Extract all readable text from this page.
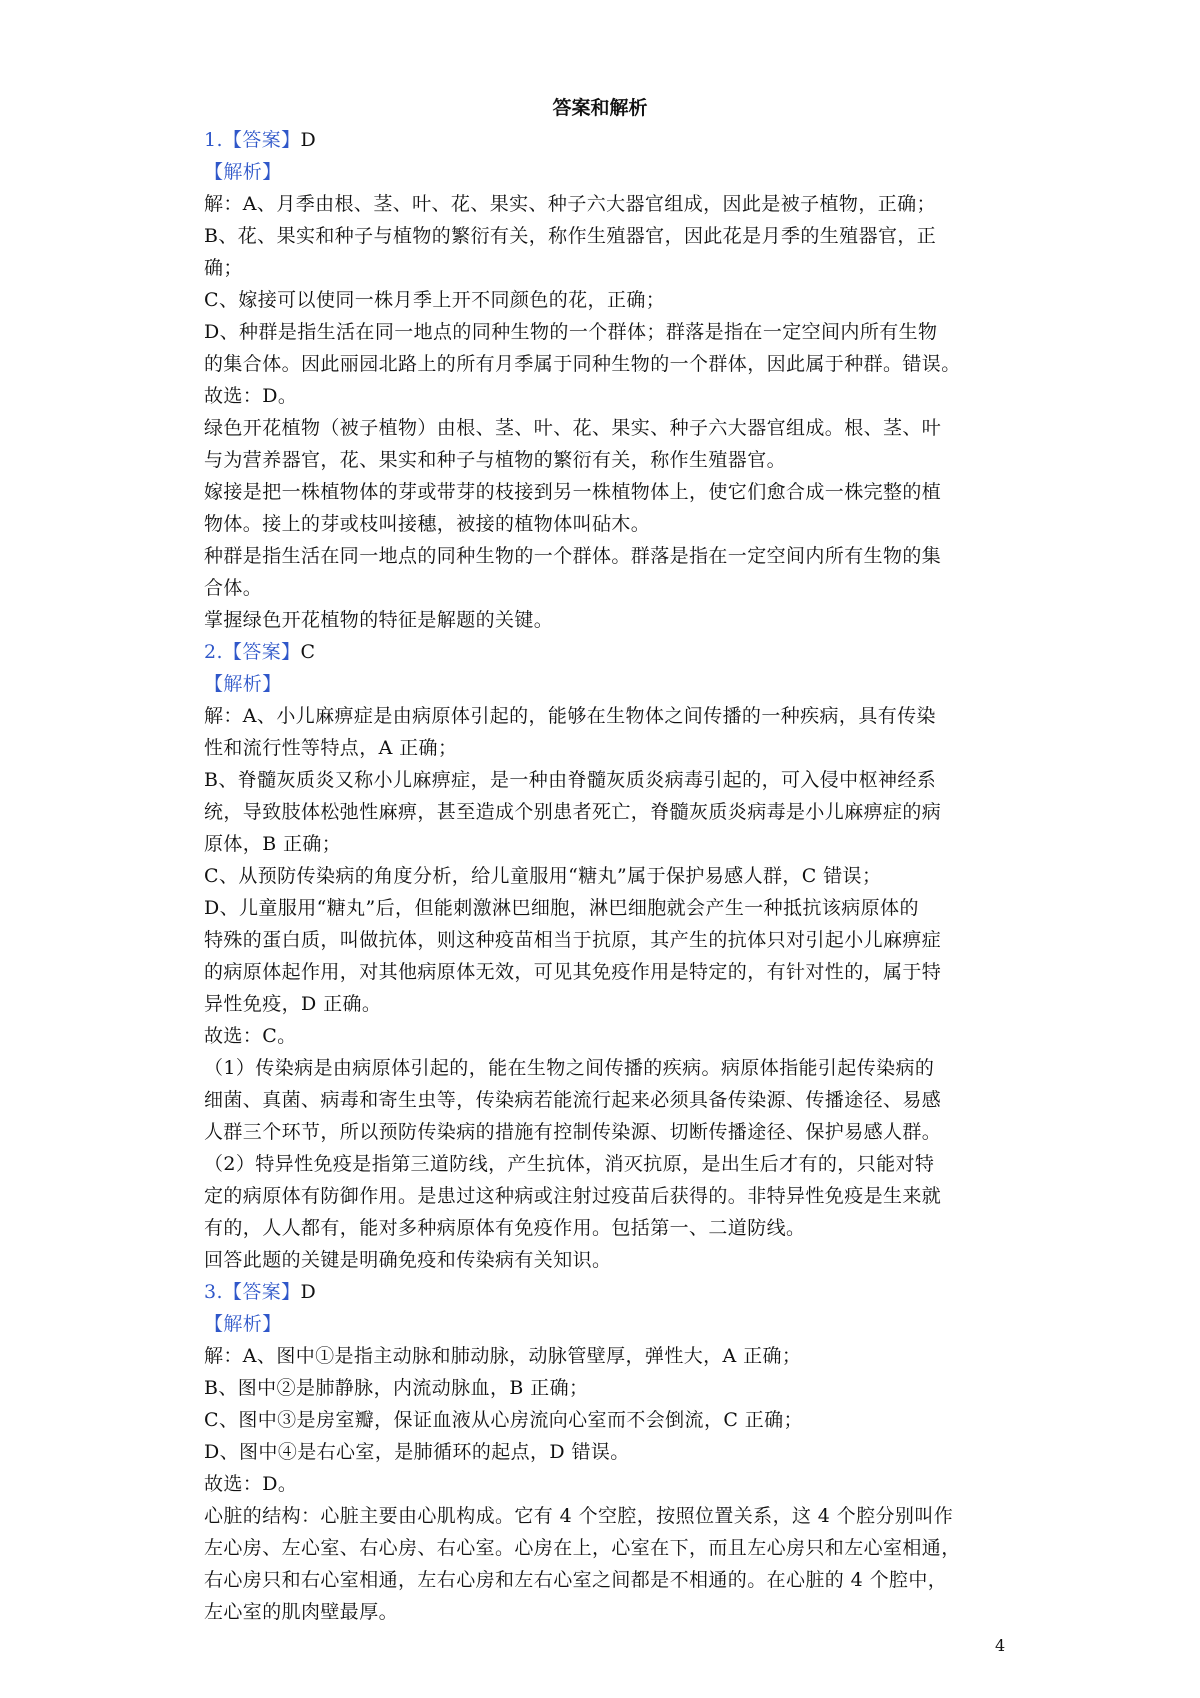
答案和解析
1.【答案】D
【解析】
解：A、月季由根、茎、叶、花、果实、种子六大器官组成，因此是被子植物，正确；
B、花、果实和种子与植物的繁衍有关，称作生殖器官，因此花是月季的生殖器官，正
确；
C、嫁接可以使同一株月季上开不同颜色的花，正确；
D、种群是指生活在同一地点的同种生物的一个群体；群落是指在一定空间内所有生物
的集合体。因此丽园北路上的所有月季属于同种生物的一个群体，因此属于种群。错误。
故选：D。
绿色开花植物（被子植物）由根、茎、叶、花、果实、种子六大器官组成。根、茎、叶
与为营养器官，花、果实和种子与植物的繁衍有关，称作生殖器官。
嫁接是把一株植物体的芽或带芽的枝接到另一株植物体上，使它们愈合成一株完整的植
物体。接上的芽或枝叫接穗，被接的植物体叫砧木。
种群是指生活在同一地点的同种生物的一个群体。群落是指在一定空间内所有生物的集
合体。
掌握绿色开花植物的特征是解题的关键。
2.【答案】C
【解析】
解：A、小儿麻痹症是由病原体引起的，能够在生物体之间传播的一种疾病，具有传染
性和流行性等特点，A 正确；
B、脊髓灰质炎又称小儿麻痹症，是一种由脊髓灰质炎病毒引起的，可入侵中枢神经系
统，导致肢体松弛性麻痹，甚至造成个别患者死亡，脊髓灰质炎病毒是小儿麻痹症的病
原体，B 正确；
C、从预防传染病的角度分析，给儿童服用“糖丸”属于保护易感人群，C 错误；
D、儿童服用“糖丸”后，但能刺激淋巴细胞，淋巴细胞就会产生一种抵抗该病原体的
特殊的蛋白质，叫做抗体，则这种疫苗相当于抗原，其产生的抗体只对引起小儿麻痹症
的病原体起作用，对其他病原体无效，可见其免疫作用是特定的，有针对性的，属于特
异性免疫，D 正确。
故选：C。
（1）传染病是由病原体引起的，能在生物之间传播的疾病。病原体指能引起传染病的
细菌、真菌、病毒和寄生虫等，传染病若能流行起来必须具备传染源、传播途径、易感
人群三个环节，所以预防传染病的措施有控制传染源、切断传播途径、保护易感人群。
（2）特异性免疫是指第三道防线，产生抗体，消灭抗原，是出生后才有的，只能对特
定的病原体有防御作用。是患过这种病或注射过疫苗后获得的。非特异性免疫是生来就
有的，人人都有，能对多种病原体有免疫作用。包括第一、二道防线。
回答此题的关键是明确免疫和传染病有关知识。
3.【答案】D
【解析】
解：A、图中①是指主动脉和肺动脉，动脉管壁厚，弹性大，A 正确；
B、图中②是肺静脉，内流动脉血，B 正确；
C、图中③是房室瓣，保证血液从心房流向心室而不会倒流，C 正确；
D、图中④是右心室，是肺循环的起点，D 错误。
故选：D。
心脏的结构：心脏主要由心肌构成。它有 4 个空腔，按照位置关系，这 4 个腔分别叫作
左心房、左心室、右心房、右心室。心房在上，心室在下，而且左心房只和左心室相通，
右心房只和右心室相通，左右心房和左右心室之间都是不相通的。在心脏的 4 个腔中，
左心室的肌肉壁最厚。
4
